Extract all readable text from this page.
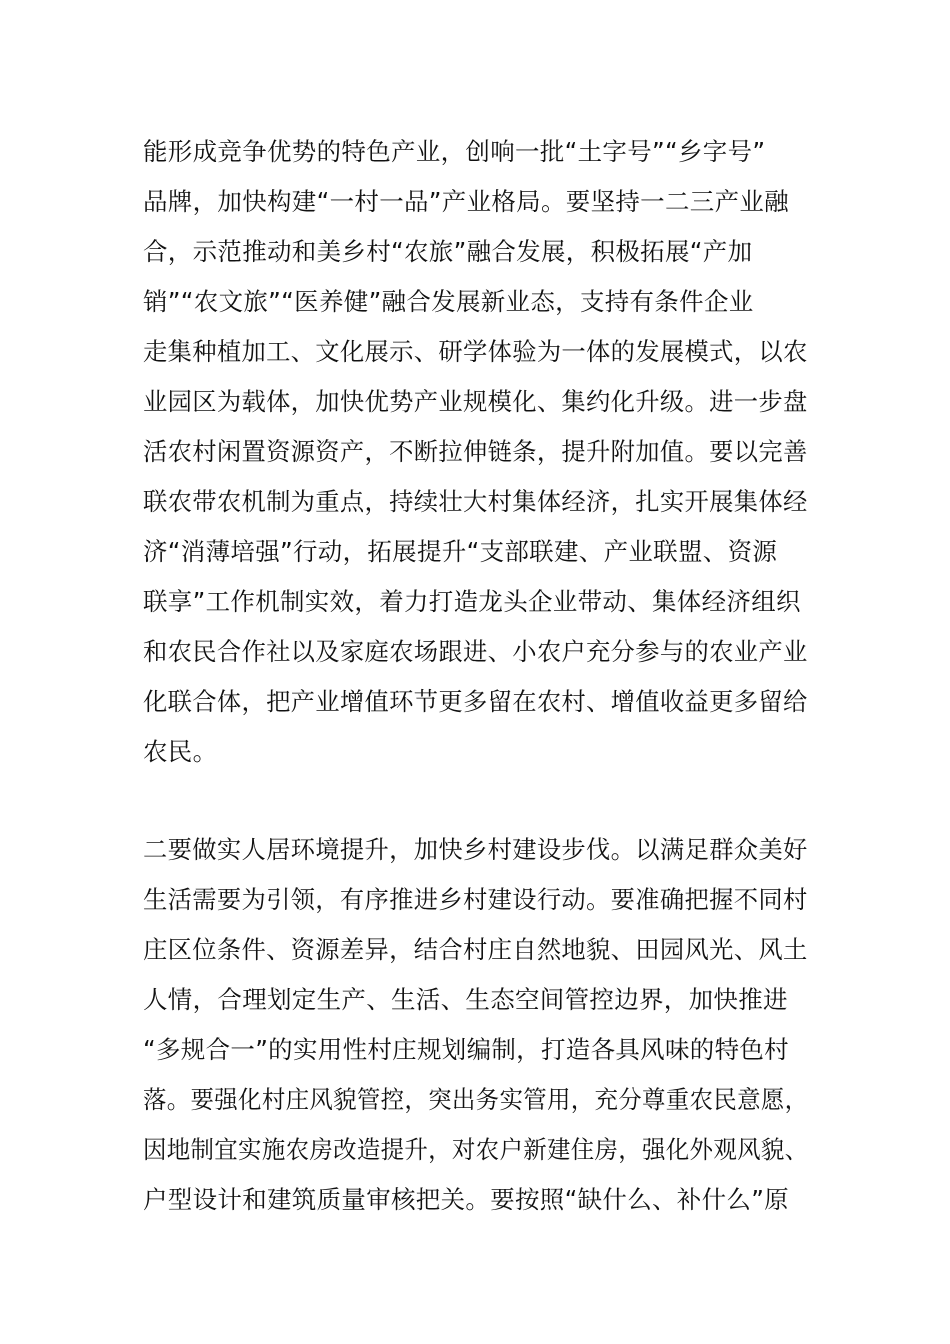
能形成竞争优势的特色产业，创响一批“土字号”“乡字号”
品牌，加快构建“一村一品”产业格局。要坚持一二三产业融
合，示范推动和美乡村“农旅”融合发展，积极拓展“产加
销”“农文旅”“医养健”融合发展新业态，支持有条件企业
走集种植加工、文化展示、研学体验为一体的发展模式，以农
业园区为载体，加快优势产业规模化、集约化升级。进一步盘
活农村闲置资源资产，不断拉伸链条，提升附加值。要以完善
联农带农机制为重点，持续壮大村集体经济，扎实开展集体经
济“消薄培强”行动，拓展提升“支部联建、产业联盟、资源
联享”工作机制实效，着力打造龙头企业带动、集体经济组织
和农民合作社以及家庭农场跟进、小农户充分参与的农业产业
化联合体，把产业增值环节更多留在农村、增值收益更多留给
农民。
二要做实人居环境提升，加快乡村建设步伐。以满足群众美好
生活需要为引领，有序推进乡村建设行动。要准确把握不同村
庄区位条件、资源差异，结合村庄自然地貌、田园风光、风土
人情，合理划定生产、生活、生态空间管控边界，加快推进
“多规合一”的实用性村庄规划编制，打造各具风味的特色村
落。要强化村庄风貌管控，突出务实管用，充分尊重农民意愿，
因地制宜实施农房改造提升，对农户新建住房，强化外观风貌、
户型设计和建筑质量审核把关。要按照“缺什么、补什么”原
